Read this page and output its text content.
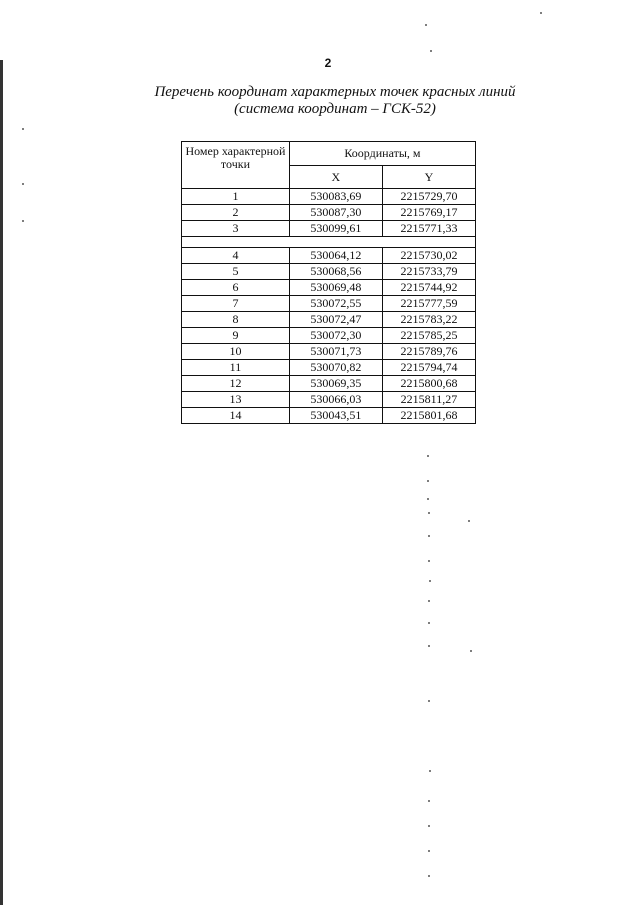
2
Перечень координат характерных точек красных линий
(система координат – ГСК-52)
Номер характерной точки	Координаты, м	
	X	Y
1	530083,69	2215729,70
2	530087,30	2215769,17
3	530099,61	2215771,33

4	530064,12	2215730,02
5	530068,56	2215733,79
6	530069,48	2215744,92
7	530072,55	2215777,59
8	530072,47	2215783,22
9	530072,30	2215785,25
10	530071,73	2215789,76
11	530070,82	2215794,74
12	530069,35	2215800,68
13	530066,03	2215811,27
14	530043,51	2215801,68
